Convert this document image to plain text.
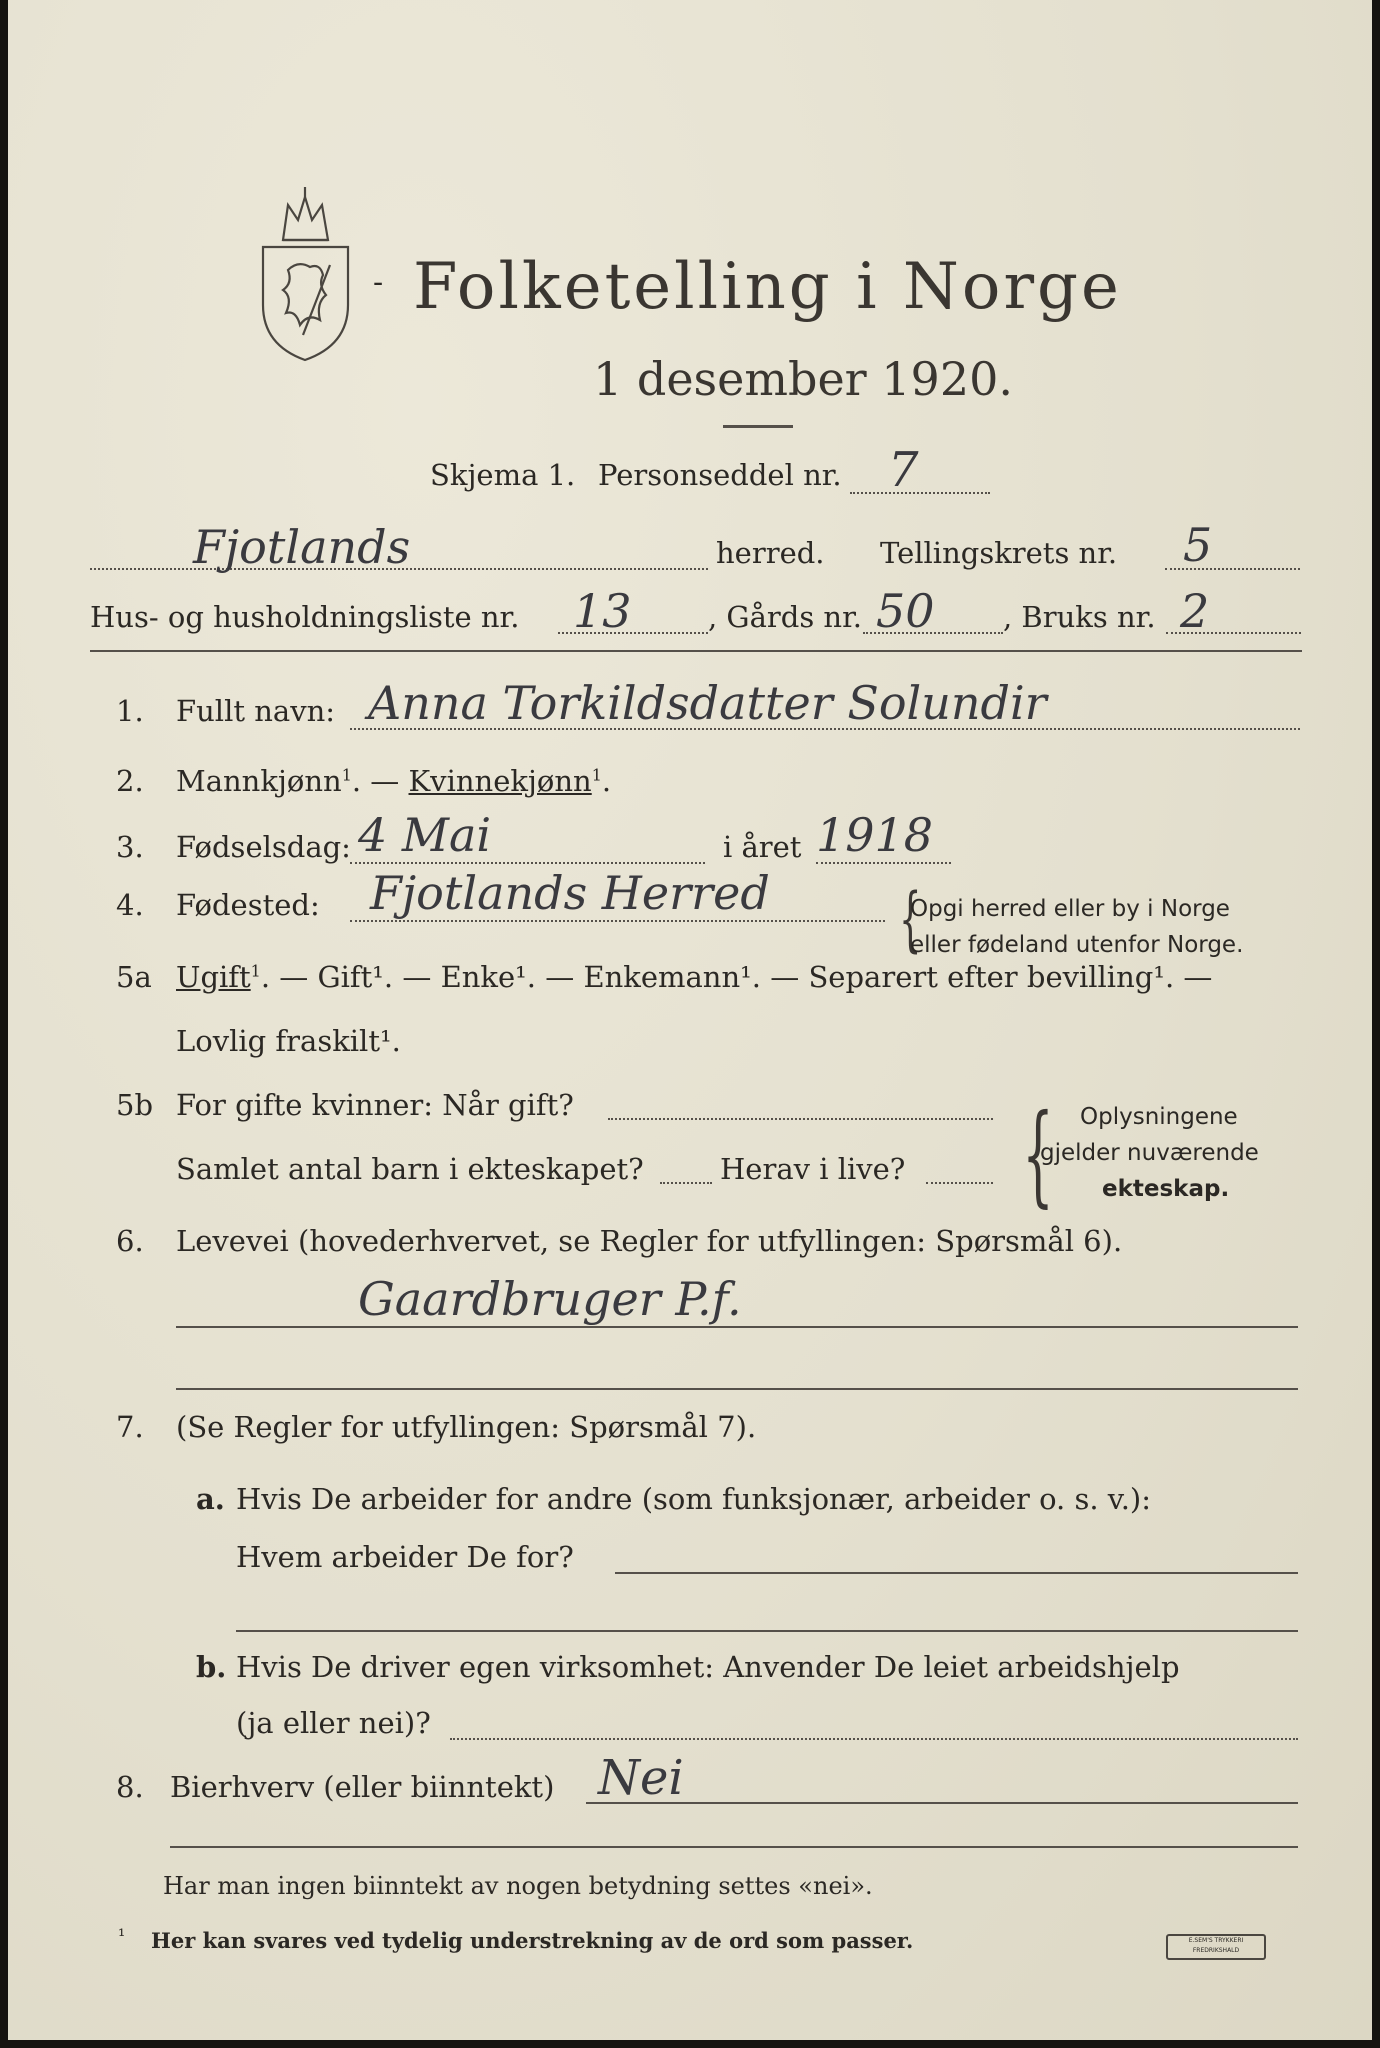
- Folketelling i Norge
1 desember 1920.
Skjema 1. Personseddel nr. 7
Fjotlands	herred. Tellingskrets nr. 5
Hus- og husholdningsliste nr. 13	, Gårds nr. 50 , Bruks nr. 2
1. Fullt navn: Anna Torkildsdatter Solundir
2. Mannkjønn$^1$. — Kvinnekjønn$^1$.
3. Fødselsdag: 4 Mai	i året 1918
4. Fødested: Fjotlands Herred {
Opgi herred eller by i Norge
eller fødeland utenfor Norge.
5a Ugift$^1$. — Gift¹. — Enke¹. — Enkemann¹. — Separert efter bevilling¹. —
Lovlig fraskilt¹.
5b For gifte kvinner: Når gift?
Samlet antal barn i ekteskapet?	Herav i live? { Oplysningene
gjelder nuværende
ekteskap.
6. Levevei (hovederhvervet, se Regler for utfyllingen: Spørsmål 6).
Gaardbruger P.f.
7. (Se Regler for utfyllingen: Spørsmål 7).
a. Hvis De arbeider for andre (som funksjonær, arbeider o. s. v.):
Hvem arbeider De for?
b. Hvis De driver egen virksomhet: Anvender De leiet arbeidshjelp
(ja eller nei)?
8. Bierhverv (eller biinntekt) Nei
Har man ingen biinntekt av nogen betydning settes «nei».
¹ Her kan svares ved tydelig understrekning av de ord som passer.	E.SEM'S TRYKKERI FREDRIKSHALD
